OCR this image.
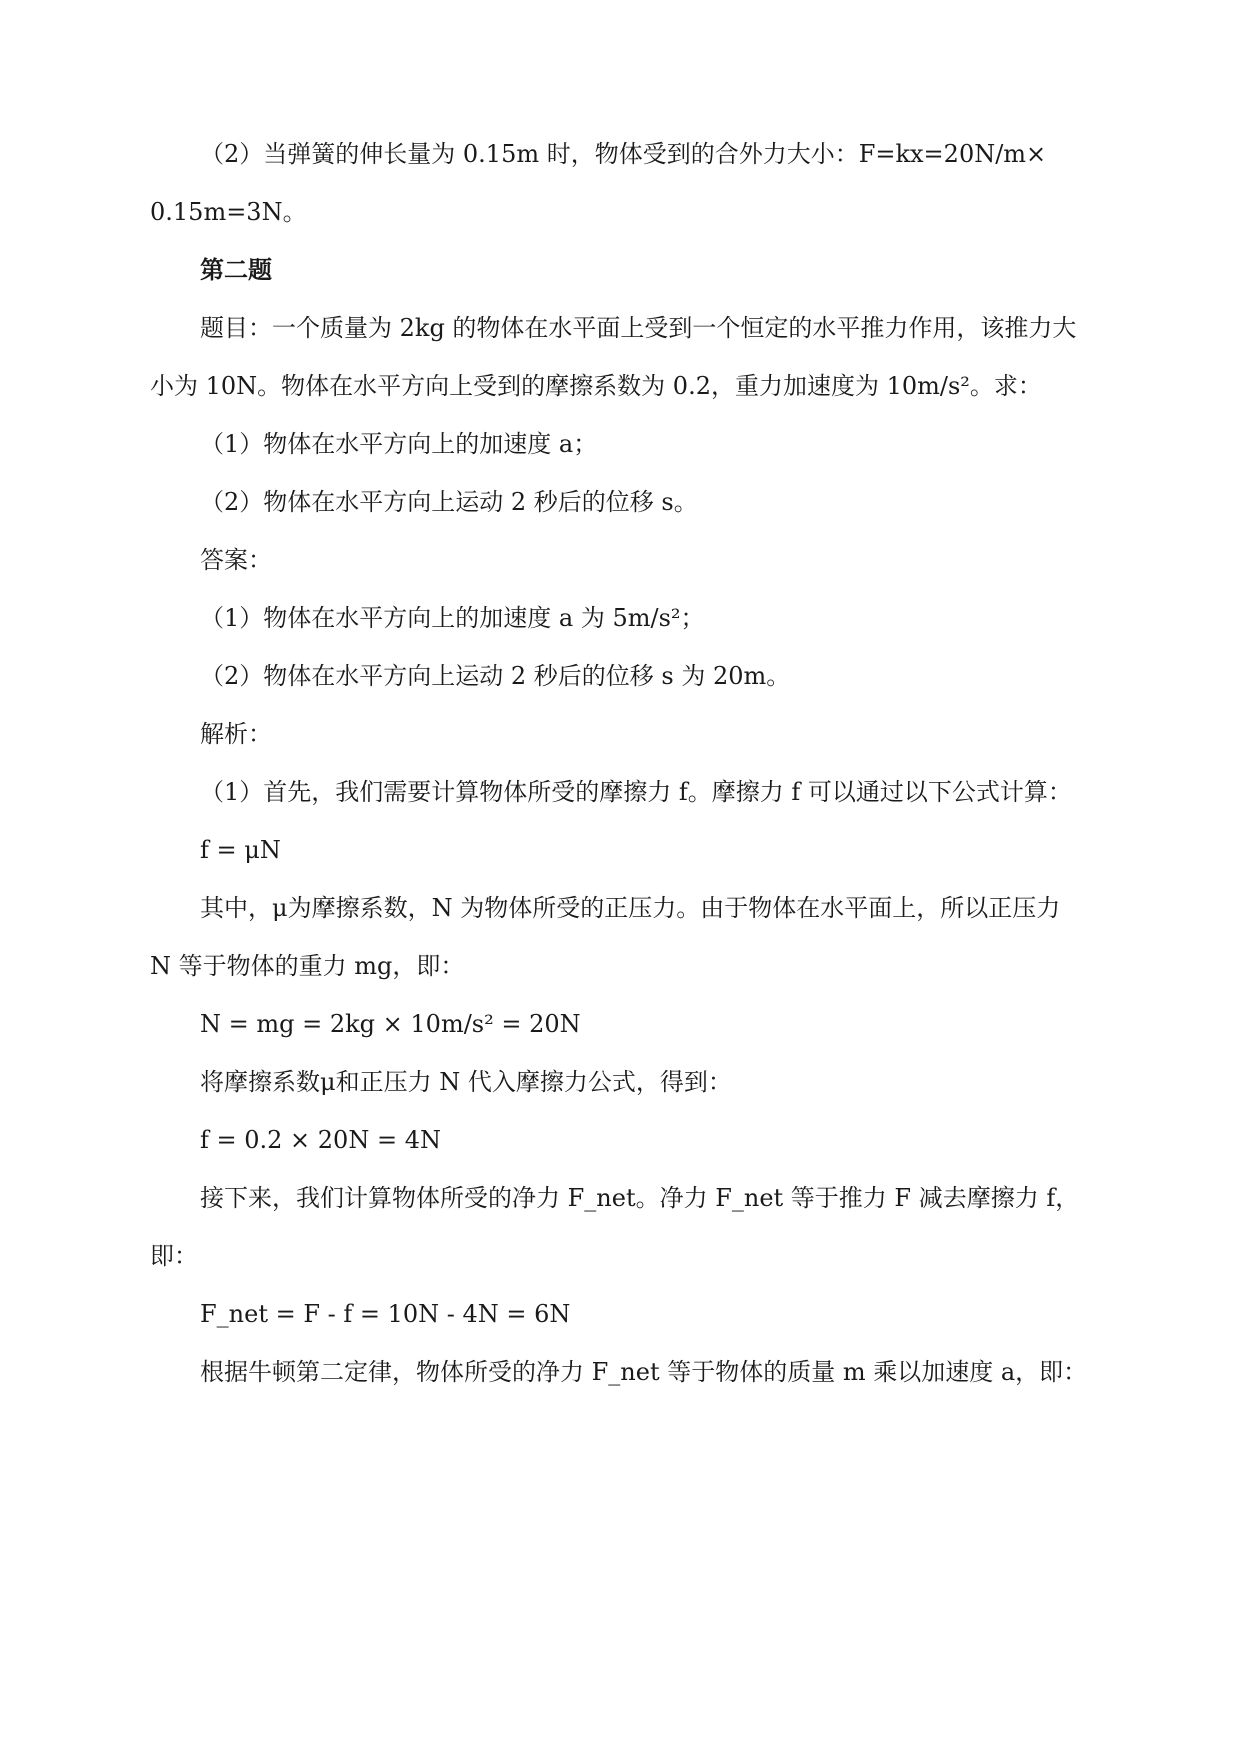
（2）当弹簧的伸长量为 0.15m 时，物体受到的合外力大小：F=kx=20N/m×
0.15m=3N。
第二题
题目：一个质量为 2kg 的物体在水平面上受到一个恒定的水平推力作用，该推力大
小为 10N。物体在水平方向上受到的摩擦系数为 0.2，重力加速度为 10m/s²。求：
（1）物体在水平方向上的加速度 a；
（2）物体在水平方向上运动 2 秒后的位移 s。
答案：
（1）物体在水平方向上的加速度 a 为 5m/s²；
（2）物体在水平方向上运动 2 秒后的位移 s 为 20m。
解析：
（1）首先，我们需要计算物体所受的摩擦力 f。摩擦力 f 可以通过以下公式计算：
f = μN
其中，μ为摩擦系数，N 为物体所受的正压力。由于物体在水平面上，所以正压力
N 等于物体的重力 mg，即：
N = mg = 2kg × 10m/s² = 20N
将摩擦系数μ和正压力 N 代入摩擦力公式，得到：
f = 0.2 × 20N = 4N
接下来，我们计算物体所受的净力 F_net。净力 F_net 等于推力 F 减去摩擦力 f，
即：
F_net = F - f = 10N - 4N = 6N
根据牛顿第二定律，物体所受的净力 F_net 等于物体的质量 m 乘以加速度 a，即：
